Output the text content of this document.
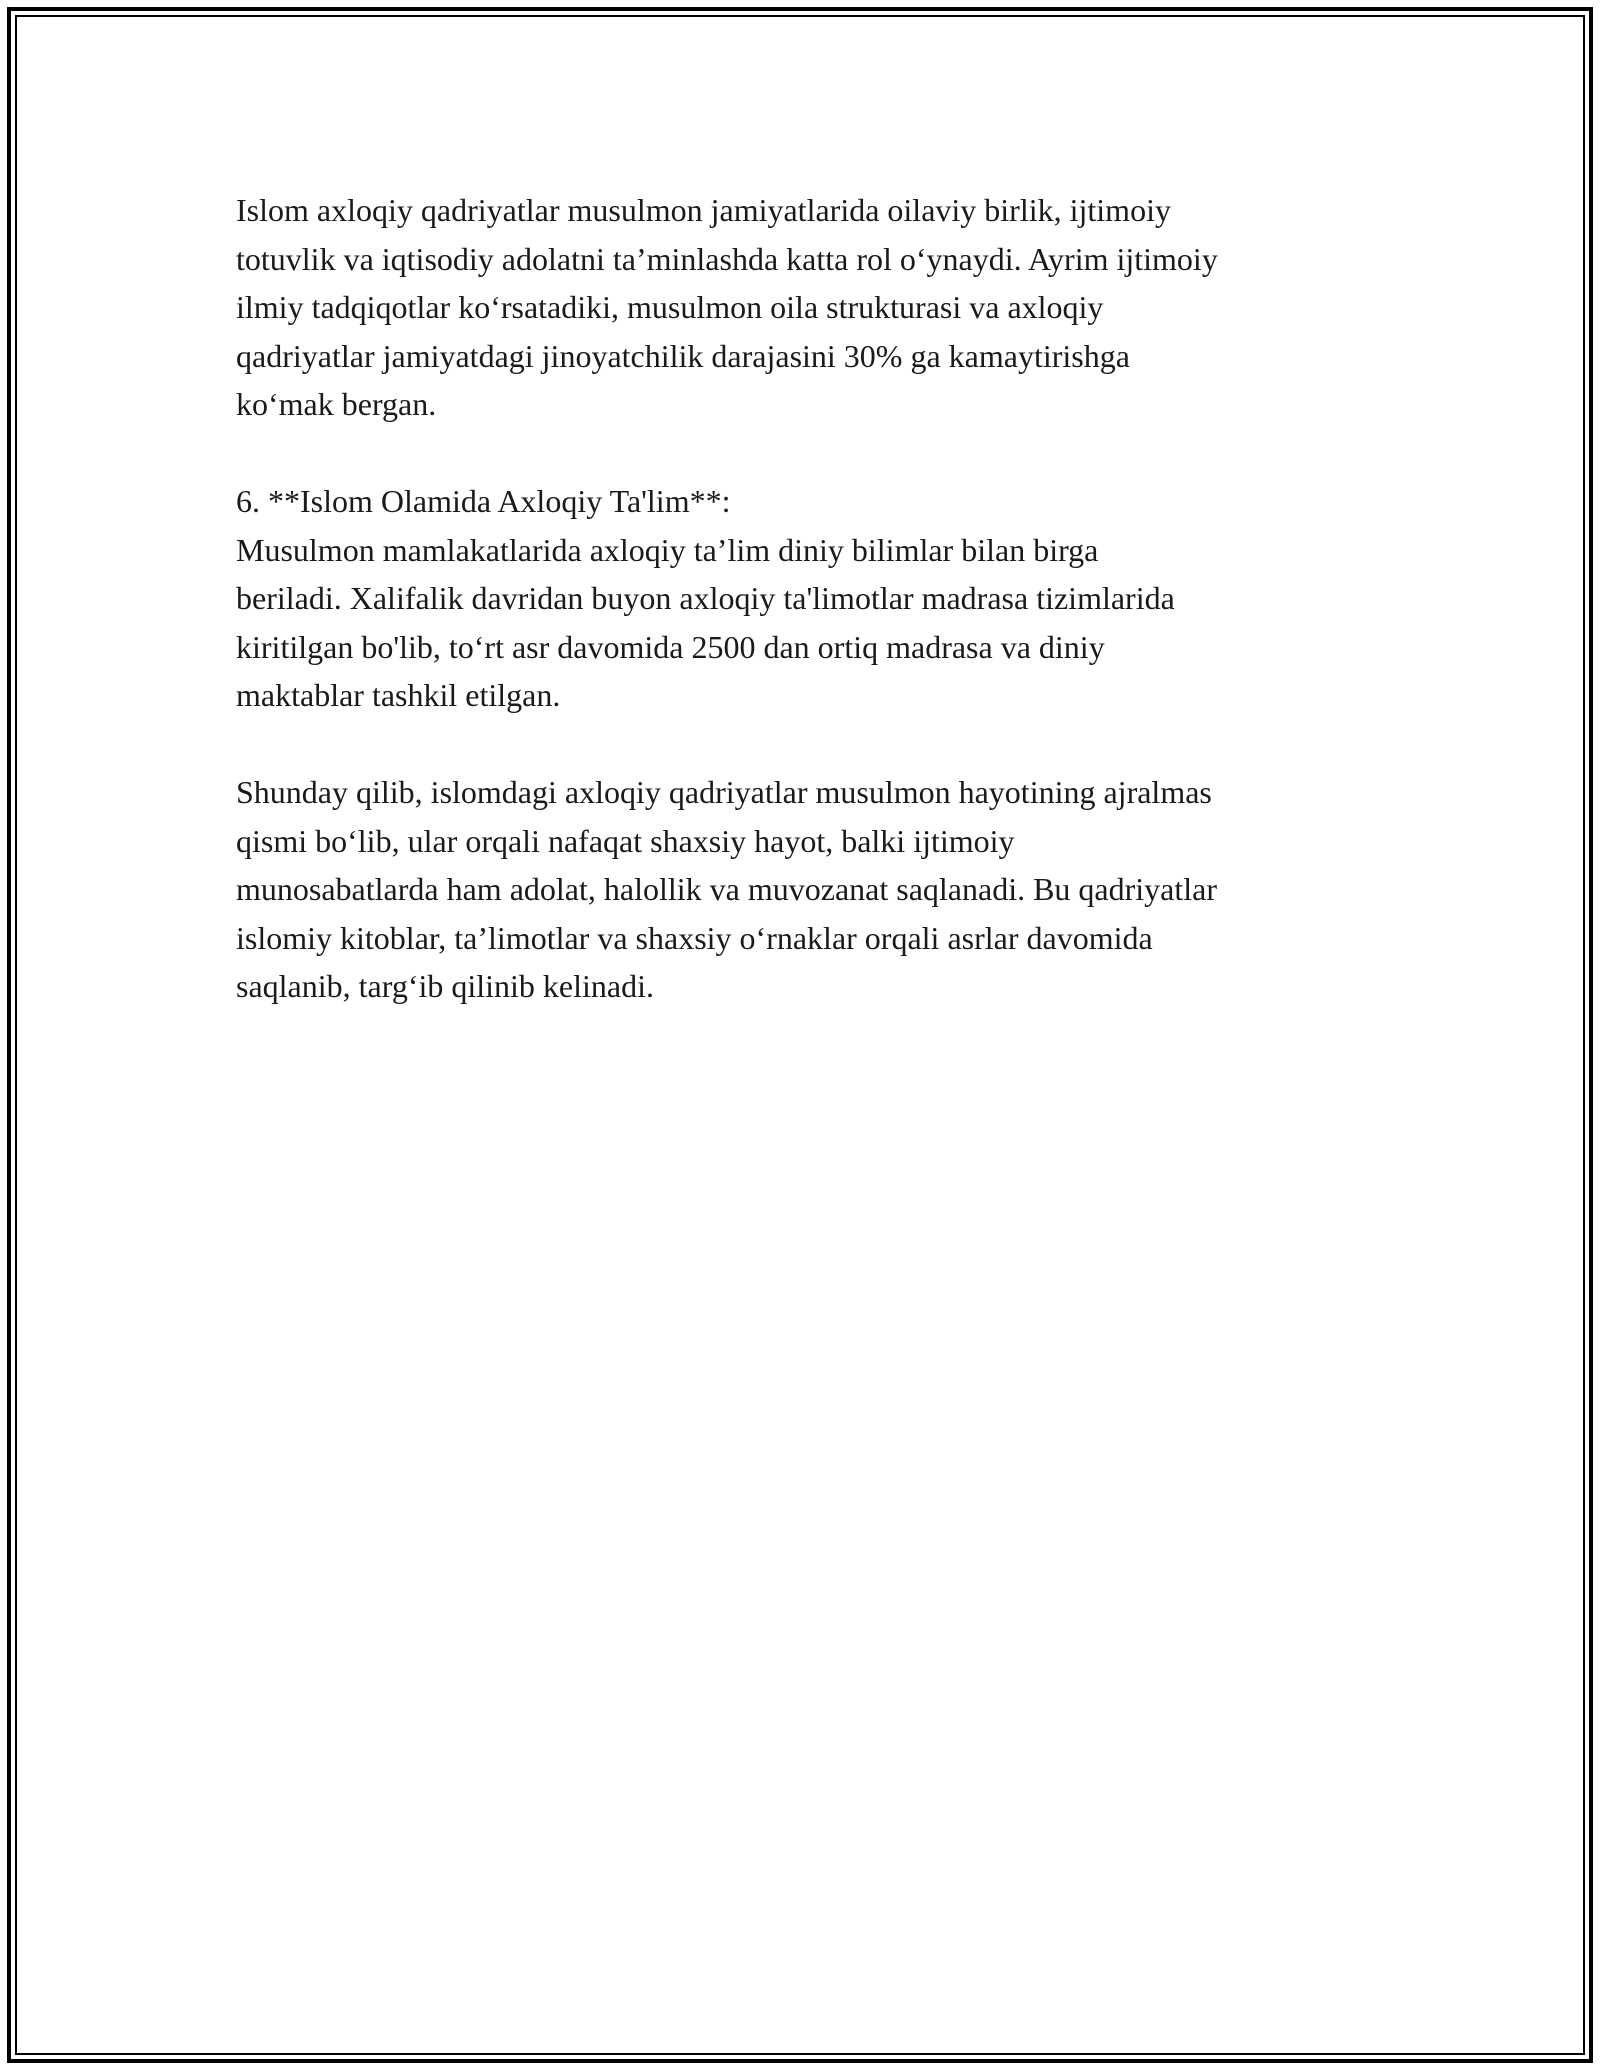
Islom axloqiy qadriyatlar musulmon jamiyatlarida oilaviy birlik, ijtimoiy
totuvlik va iqtisodiy adolatni ta’minlashda katta rol o‘ynaydi. Ayrim ijtimoiy
ilmiy tadqiqotlar ko‘rsatadiki, musulmon oila strukturasi va axloqiy
qadriyatlar jamiyatdagi jinoyatchilik darajasini 30% ga kamaytirishga
ko‘mak bergan.

6. **Islom Olamida Axloqiy Ta'lim**:

Musulmon mamlakatlarida axloqiy ta’lim diniy bilimlar bilan birga
beriladi. Xalifalik davridan buyon axloqiy ta'limotlar madrasa tizimlarida
kiritilgan bo'lib, to‘rt asr davomida 2500 dan ortiq madrasa va diniy
maktablar tashkil etilgan.

Shunday qilib, islomdagi axloqiy qadriyatlar musulmon hayotining ajralmas
qismi bo‘lib, ular orqali nafaqat shaxsiy hayot, balki ijtimoiy
munosabatlarda ham adolat, halollik va muvozanat saqlanadi. Bu qadriyatlar
islomiy kitoblar, ta’limotlar va shaxsiy o‘rnaklar orqali asrlar davomida
saqlanib, targ‘ib qilinib kelinadi.
